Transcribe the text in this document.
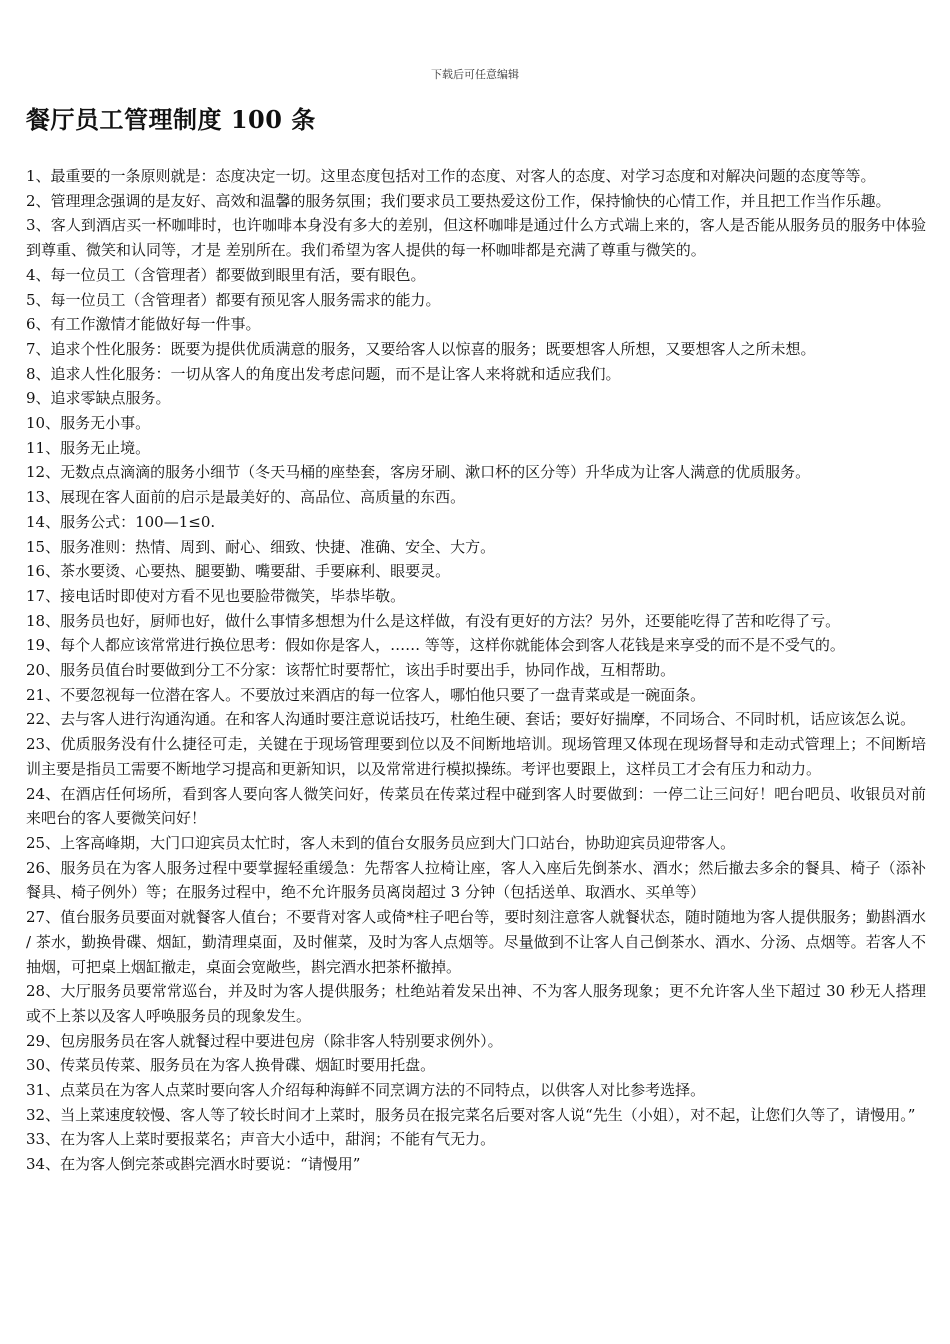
下载后可任意编辑
餐厅员工管理制度 100 条
1、最重要的一条原则就是：态度决定一切。这里态度包括对工作的态度、对客人的态度、对学习态度和对解决问题的态度等等。
2、管理理念强调的是友好、高效和温馨的服务氛围；我们要求员工要热爱这份工作，保持愉快的心情工作，并且把工作当作乐趣。
3、客人到酒店买一杯咖啡时，也许咖啡本身没有多大的差别，但这杯咖啡是通过什么方式端上来的，客人是否能从服务员的服务中体验到尊重、微笑和认同等，才是 差别所在。我们希望为客人提供的每一杯咖啡都是充满了尊重与微笑的。
4、每一位员工（含管理者）都要做到眼里有活，要有眼色。
5、每一位员工（含管理者）都要有预见客人服务需求的能力。
6、有工作激情才能做好每一件事。
7、追求个性化服务：既要为提供优质满意的服务，又要给客人以惊喜的服务；既要想客人所想，又要想客人之所未想。
8、追求人性化服务：一切从客人的角度出发考虑问题，而不是让客人来将就和适应我们。
9、追求零缺点服务。
10、服务无小事。
11、服务无止境。
12、无数点点滴滴的服务小细节（冬天马桶的座垫套，客房牙刷、漱口杯的区分等）升华成为让客人满意的优质服务。
13、展现在客人面前的启示是最美好的、高品位、高质量的东西。
14、服务公式：100—1≤0.
15、服务准则：热情、周到、耐心、细致、快捷、准确、安全、大方。
16、茶水要烫、心要热、腿要勤、嘴要甜、手要麻利、眼要灵。
17、接电话时即使对方看不见也要脸带微笑，毕恭毕敬。
18、服务员也好，厨师也好，做什么事情多想想为什么是这样做，有没有更好的方法？另外，还要能吃得了苦和吃得了亏。
19、每个人都应该常常进行换位思考：假如你是客人，…… 等等，这样你就能体会到客人花钱是来享受的而不是不受气的。
20、服务员值台时要做到分工不分家：该帮忙时要帮忙，该出手时要出手，协同作战，互相帮助。
21、不要忽视每一位潜在客人。不要放过来酒店的每一位客人，哪怕他只要了一盘青菜或是一碗面条。
22、去与客人进行沟通沟通。在和客人沟通时要注意说话技巧，杜绝生硬、套话；要好好揣摩，不同场合、不同时机，话应该怎么说。
23、优质服务没有什么捷径可走，关键在于现场管理要到位以及不间断地培训。现场管理又体现在现场督导和走动式管理上；不间断培训主要是指员工需要不断地学习提高和更新知识，以及常常进行模拟操练。考评也要跟上，这样员工才会有压力和动力。
24、在酒店任何场所，看到客人要向客人微笑问好，传菜员在传菜过程中碰到客人时要做到：一停二让三问好！吧台吧员、收银员对前来吧台的客人要微笑问好！
25、上客高峰期，大门口迎宾员太忙时，客人未到的值台女服务员应到大门口站台，协助迎宾员迎带客人。
26、服务员在为客人服务过程中要掌握轻重缓急：先帮客人拉椅让座，客人入座后先倒茶水、酒水；然后撤去多余的餐具、椅子（添补餐具、椅子例外）等；在服务过程中，绝不允许服务员离岗超过 3 分钟（包括送单、取酒水、买单等）
27、值台服务员要面对就餐客人值台；不要背对客人或倚*柱子吧台等，要时刻注意客人就餐状态，随时随地为客人提供服务；勤斟酒水 / 茶水，勤换骨碟、烟缸，勤清理桌面，及时催菜，及时为客人点烟等。尽量做到不让客人自己倒茶水、酒水、分汤、点烟等。若客人不抽烟，可把桌上烟缸撤走，桌面会宽敞些，斟完酒水把茶杯撤掉。
28、大厅服务员要常常巡台，并及时为客人提供服务；杜绝站着发呆出神、不为客人服务现象；更不允许客人坐下超过 30 秒无人搭理或不上茶以及客人呼唤服务员的现象发生。
29、包房服务员在客人就餐过程中要进包房（除非客人特别要求例外）。
30、传菜员传菜、服务员在为客人换骨碟、烟缸时要用托盘。
31、点菜员在为客人点菜时要向客人介绍每种海鲜不同烹调方法的不同特点，以供客人对比参考选择。
32、当上菜速度较慢、客人等了较长时间才上菜时，服务员在报完菜名后要对客人说“先生（小姐），对不起，让您们久等了，请慢用。”
33、在为客人上菜时要报菜名；声音大小适中，甜润；不能有气无力。
34、在为客人倒完茶或斟完酒水时要说：“请慢用”
